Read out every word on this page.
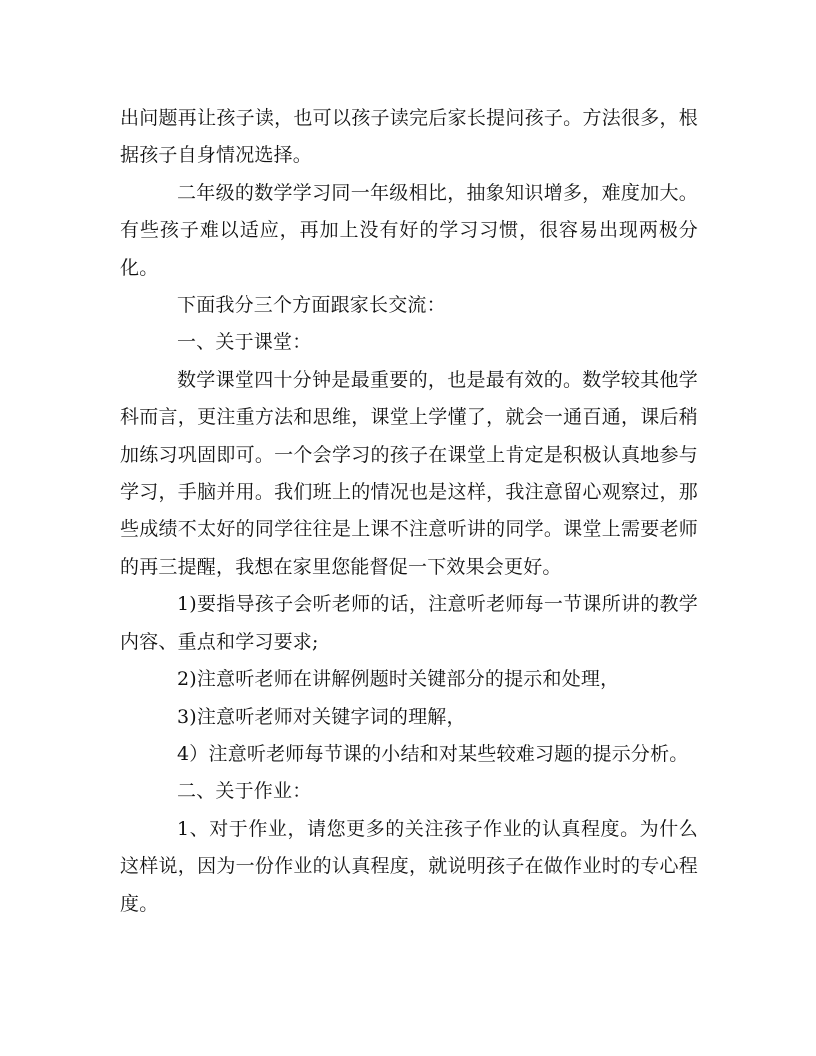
出问题再让孩子读，也可以孩子读完后家长提问孩子。方法很多，根据孩子自身情况选择。

二年级的数学学习同一年级相比，抽象知识增多，难度加大。有些孩子难以适应，再加上没有好的学习习惯，很容易出现两极分化。

下面我分三个方面跟家长交流：

一、关于课堂：

数学课堂四十分钟是最重要的，也是最有效的。数学较其他学科而言，更注重方法和思维，课堂上学懂了，就会一通百通，课后稍加练习巩固即可。一个会学习的孩子在课堂上肯定是积极认真地参与学习，手脑并用。我们班上的情况也是这样，我注意留心观察过，那些成绩不太好的同学往往是上课不注意听讲的同学。课堂上需要老师的再三提醒，我想在家里您能督促一下效果会更好。

1)要指导孩子会听老师的话，注意听老师每一节课所讲的教学内容、重点和学习要求;

2)注意听老师在讲解例题时关键部分的提示和处理，

3)注意听老师对关键字词的理解，

4）注意听老师每节课的小结和对某些较难习题的提示分析。

二、关于作业：

1、对于作业，请您更多的关注孩子作业的认真程度。为什么这样说，因为一份作业的认真程度，就说明孩子在做作业时的专心程度。
